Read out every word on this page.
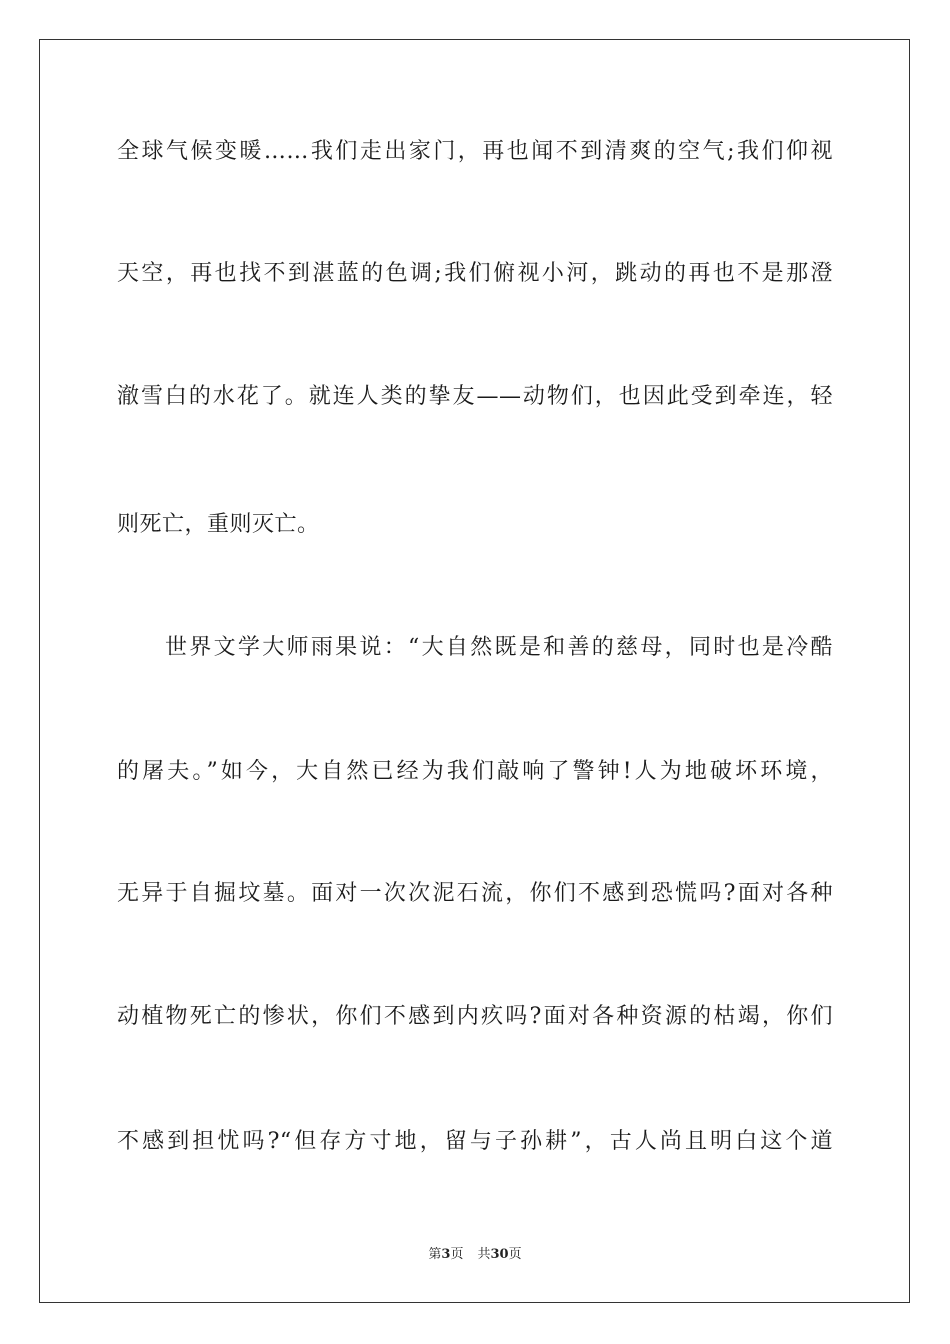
全球气候变暖……我们走出家门，再也闻不到清爽的空气;我们仰视
天空，再也找不到湛蓝的色调;我们俯视小河，跳动的再也不是那澄
澈雪白的水花了。就连人类的挚友——动物们，也因此受到牵连，轻
则死亡，重则灭亡。
世界文学大师雨果说：“大自然既是和善的慈母，同时也是冷酷
的屠夫。”如今，大自然已经为我们敲响了警钟!人为地破坏环境，
无异于自掘坟墓。面对一次次泥石流，你们不感到恐慌吗?面对各种
动植物死亡的惨状，你们不感到内疚吗?面对各种资源的枯竭，你们
不感到担忧吗?“但存方寸地，留与子孙耕”，古人尚且明白这个道
第3页 共30页
